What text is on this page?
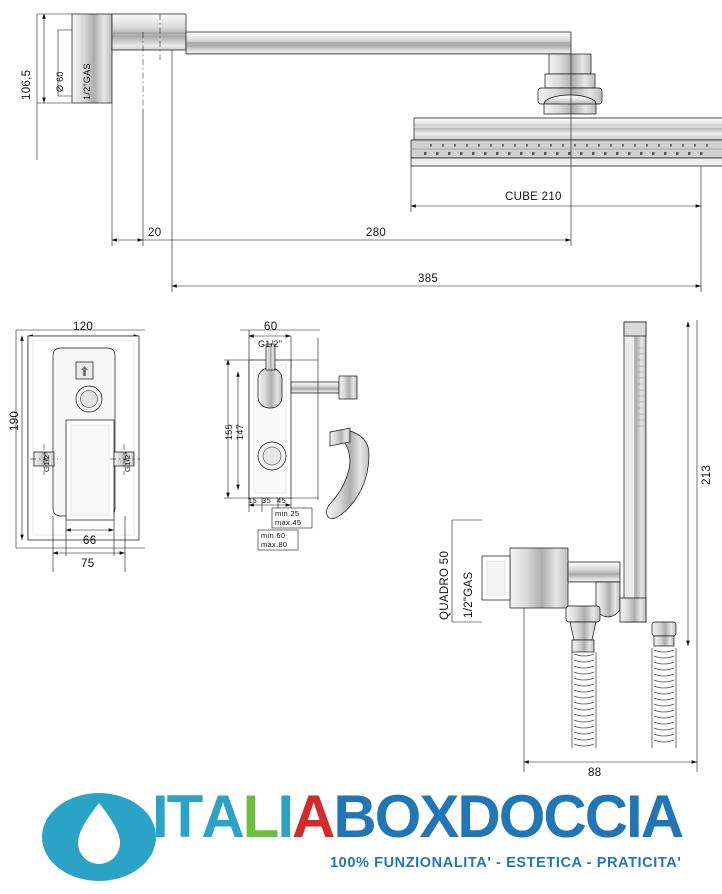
106,5 Ø 60 1/2"GAS
CUBE 210
20	280
385
120
190
G1/2"	G1/2"
66
75
60
G1/2"
155 147
15 35 45
min.25
max.45
min.60
max.80
213
QUADRO 50 1/2"GAS
88
I T A L I A BOXDOCCIA
100% FUNZIONALITA' - ESTETICA - PRATICITA'
